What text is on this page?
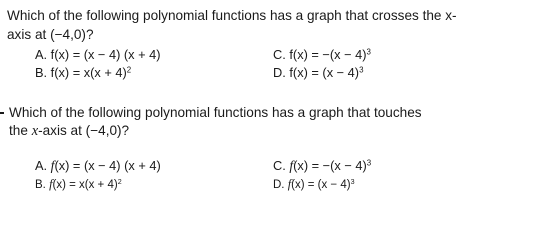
Which of the following polynomial functions has a graph that crosses the x-
axis at (−4,0)?
A. f(x) = (x − 4) (x + 4)
B. $f(x) = x(x + 4)^2$
C. $f(x) = -(x - 4)^3$
D. $f(x) = (x - 4)^3$
Which of the following polynomial functions has a graph that touches
the x-axis at (−4,0)?
A. f(x) = (x − 4) (x + 4)
B. $f(x) = x(x + 4)^2$
C. $f(x) = -(x - 4)^3$
D. $f(x) = (x - 4)^3$
